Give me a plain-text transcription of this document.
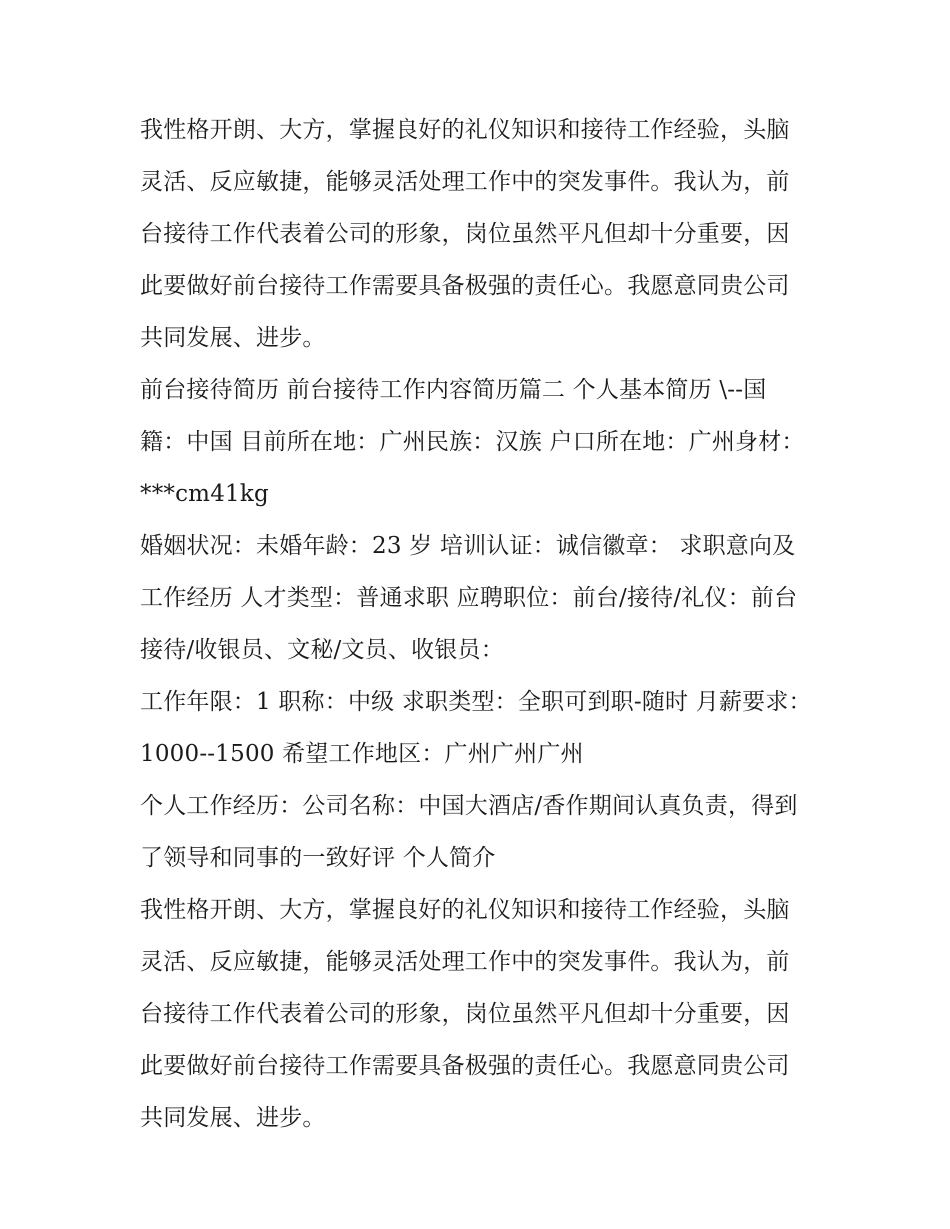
我性格开朗、大方，掌握良好的礼仪知识和接待工作经验，头脑灵活、反应敏捷，能够灵活处理工作中的突发事件。我认为，前台接待工作代表着公司的形象，岗位虽然平凡但却十分重要，因此要做好前台接待工作需要具备极强的责任心。我愿意同贵公司共同发展、进步。

前台接待简历 前台接待工作内容简历篇二 个人基本简历 \--国籍：中国 目前所在地：广州民族：汉族 户口所在地：广州身材：***cm41kg

婚姻状况：未婚年龄：23 岁 培训认证：诚信徽章： 求职意向及工作经历 人才类型：普通求职 应聘职位：前台/接待/礼仪：前台接待/收银员、文秘/文员、收银员：

工作年限：1 职称：中级 求职类型：全职可到职-随时 月薪要求：1000--1500 希望工作地区：广州广州广州

个人工作经历：公司名称：中国大酒店/香作期间认真负责，得到了领导和同事的一致好评 个人简介

我性格开朗、大方，掌握良好的礼仪知识和接待工作经验，头脑灵活、反应敏捷，能够灵活处理工作中的突发事件。我认为，前台接待工作代表着公司的形象，岗位虽然平凡但却十分重要，因此要做好前台接待工作需要具备极强的责任心。我愿意同贵公司共同发展、进步。
